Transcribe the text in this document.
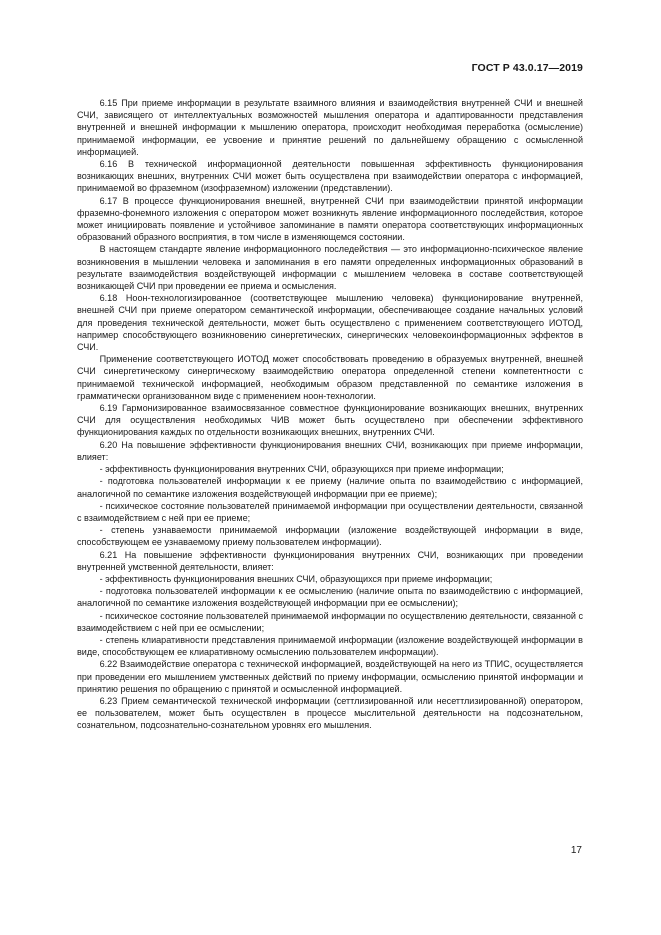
ГОСТ Р 43.0.17—2019

6.15 При приеме информации в результате взаимного влияния и взаимодействия внутренней СЧИ и внешней СЧИ, зависящего от интеллектуальных возможностей мышления оператора и адаптированности представления внутренней и внешней информации к мышлению оператора, происходит необходимая переработка (осмысление) принимаемой информации, ее усвоение и принятие решений по дальнейшему обращению с осмысленной информацией.

6.16 В технической информационной деятельности повышенная эффективность функционирования возникающих внешних, внутренних СЧИ может быть осуществлена при взаимодействии оператора с информацией, принимаемой во фраземном (изофраземном) изложении (представлении).

6.17 В процессе функционирования внешней, внутренней СЧИ при взаимодействии принятой информации фраземно-фонемного изложения с оператором может возникнуть явление информационного последействия, которое может инициировать появление и устойчивое запоминание в памяти оператора соответствующих информационных образований образного восприятия, в том числе в изменяющемся состоянии.

В настоящем стандарте явление информационного последействия — это информационно-психическое явление возникновения в мышлении человека и запоминания в его памяти определенных информационных образований в результате взаимодействия воздействующей информации с мышлением человека в составе соответствующей возникающей СЧИ при проведении ее приема и осмысления.

6.18 Ноон-технологизированное (соответствующее мышлению человека) функционирование внутренней, внешней СЧИ при приеме оператором семантической информации, обеспечивающее создание начальных условий для проведения технической деятельности, может быть осуществлено с применением соответствующего ИОТОД, например способствующего возникновению синергетических, синергических человекоинформационных эффектов в СЧИ.

Применение соответствующего ИОТОД может способствовать проведению в образуемых внутренней, внешней СЧИ синергетическому синергическому взаимодействию оператора определенной степени компетентности с принимаемой технической информацией, необходимым образом представленной по семантике изложения в грамматически организованном виде с применением ноон-технологии.

6.19 Гармонизированное взаимосвязанное совместное функционирование возникающих внешних, внутренних СЧИ для осуществления необходимых ЧИВ может быть осуществлено при обеспечении эффективного функционирования каждых по отдельности возникающих внешних, внутренних СЧИ.

6.20 На повышение эффективности функционирования внешних СЧИ, возникающих при приеме информации, влияет:

- эффективность функционирования внутренних СЧИ, образующихся при приеме информации;

- подготовка пользователей информации к ее приему (наличие опыта по взаимодействию с информацией, аналогичной по семантике изложения воздействующей информации при ее приеме);

- психическое состояние пользователей принимаемой информации при осуществлении деятельности, связанной с взаимодействием с ней при ее приеме;

- степень узнаваемости принимаемой информации (изложение воздействующей информации в виде, способствующем ее узнаваемому приему пользователем информации).

6.21 На повышение эффективности функционирования внутренних СЧИ, возникающих при проведении внутренней умственной деятельности, влияет:

- эффективность функционирования внешних СЧИ, образующихся при приеме информации;

- подготовка пользователей информации к ее осмыслению (наличие опыта по взаимодействию с информацией, аналогичной по семантике изложения воздействующей информации при ее осмыслении);

- психическое состояние пользователей принимаемой информации по осуществлению деятельности, связанной с взаимодействием с ней при ее осмыслении;

- степень клиаративности представления принимаемой информации (изложение воздействующей информации в виде, способствующем ее клиаративному осмыслению пользователем информации).

6.22 Взаимодействие оператора с технической информацией, воздействующей на него из ТПИС, осуществляется при проведении его мышлением умственных действий по приему информации, осмыслению принятой информации и принятию решения по обращению с принятой и осмысленной информацией.

6.23 Прием семантической технической информации (сеттлизированной или несеттлизированной) оператором, ее пользователем, может быть осуществлен в процессе мыслительной деятельности на подсознательном, сознательном, подсознательно-сознательном уровнях его мышления.

17
